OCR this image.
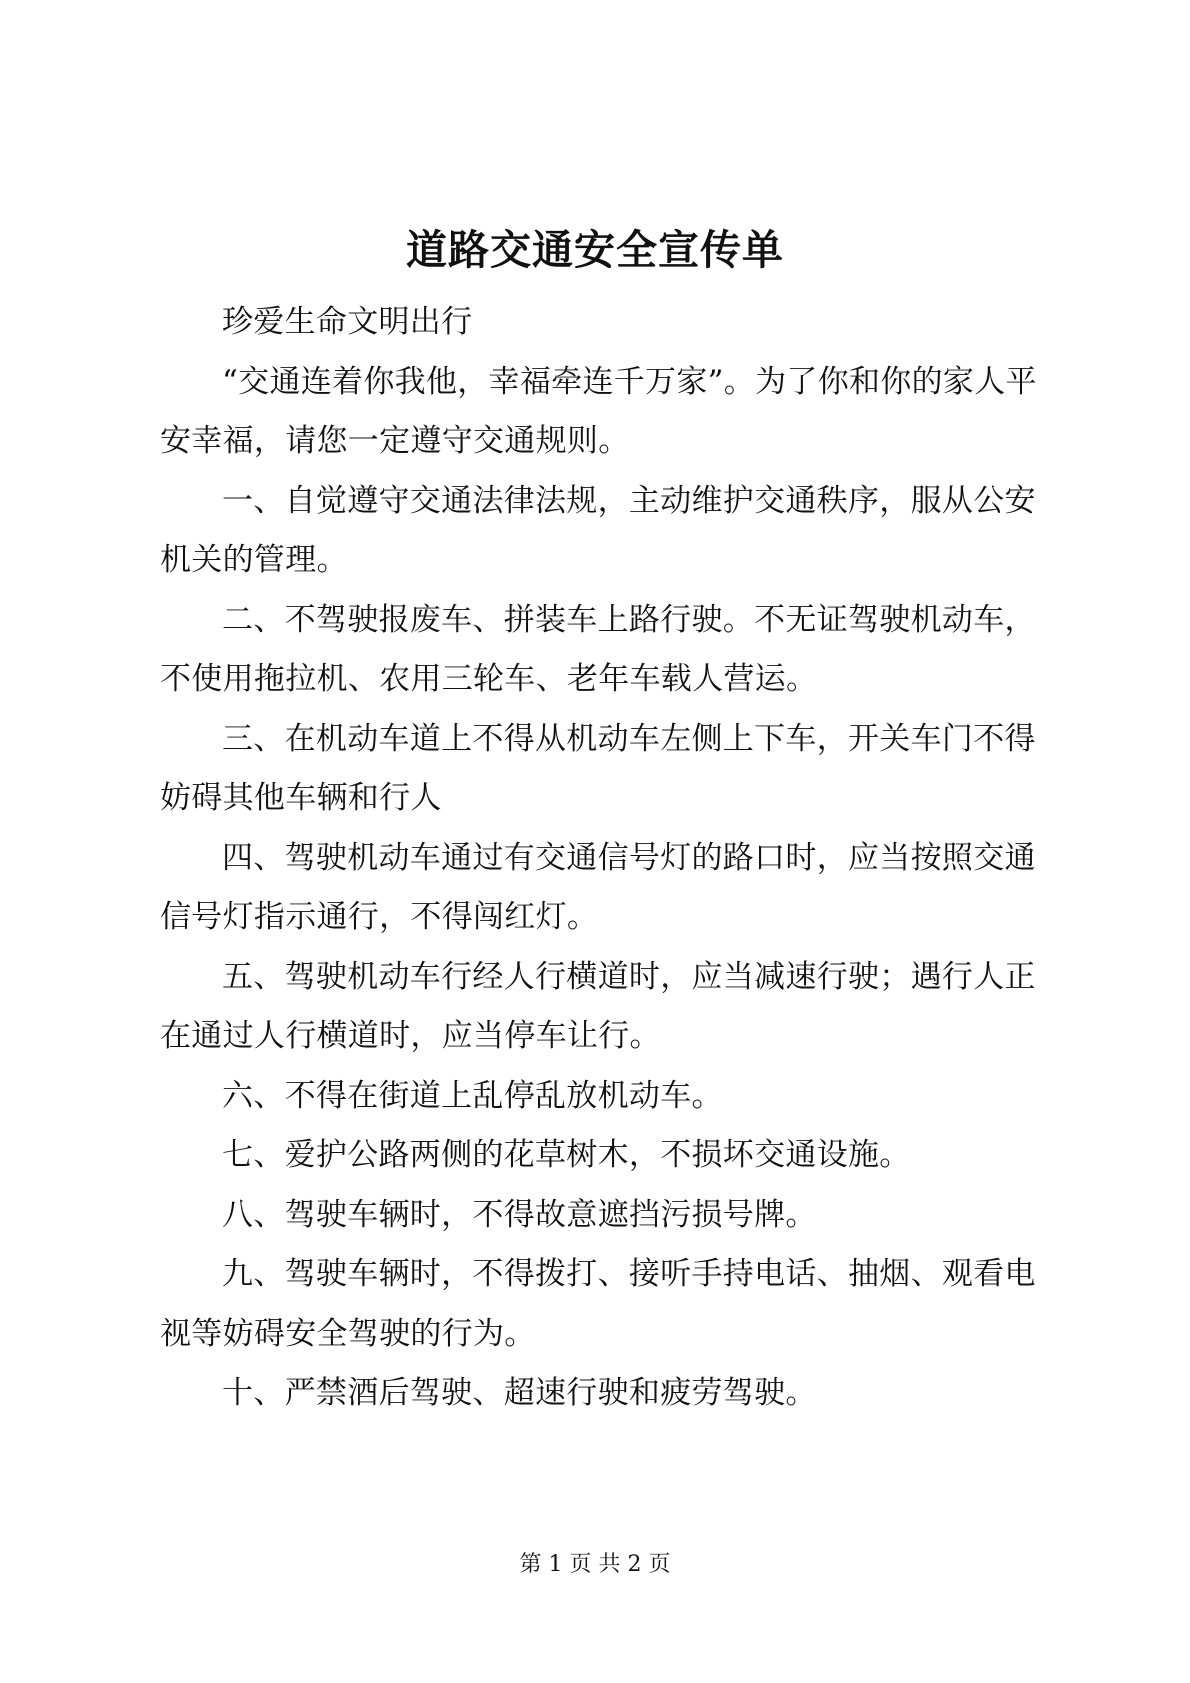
道路交通安全宣传单

珍爱生命文明出行

“交通连着你我他，幸福牵连千万家”。为了你和你的家人平安幸福，请您一定遵守交通规则。

一、自觉遵守交通法律法规，主动维护交通秩序，服从公安机关的管理。

二、不驾驶报废车、拼装车上路行驶。不无证驾驶机动车，不使用拖拉机、农用三轮车、老年车载人营运。

三、在机动车道上不得从机动车左侧上下车，开关车门不得妨碍其他车辆和行人

四、驾驶机动车通过有交通信号灯的路口时，应当按照交通信号灯指示通行，不得闯红灯。

五、驾驶机动车行经人行横道时，应当减速行驶；遇行人正在通过人行横道时，应当停车让行。

六、不得在街道上乱停乱放机动车。

七、爱护公路两侧的花草树木，不损坏交通设施。

八、驾驶车辆时，不得故意遮挡污损号牌。

九、驾驶车辆时，不得拨打、接听手持电话、抽烟、观看电视等妨碍安全驾驶的行为。

十、严禁酒后驾驶、超速行驶和疲劳驾驶。

第 1 页 共 2 页
